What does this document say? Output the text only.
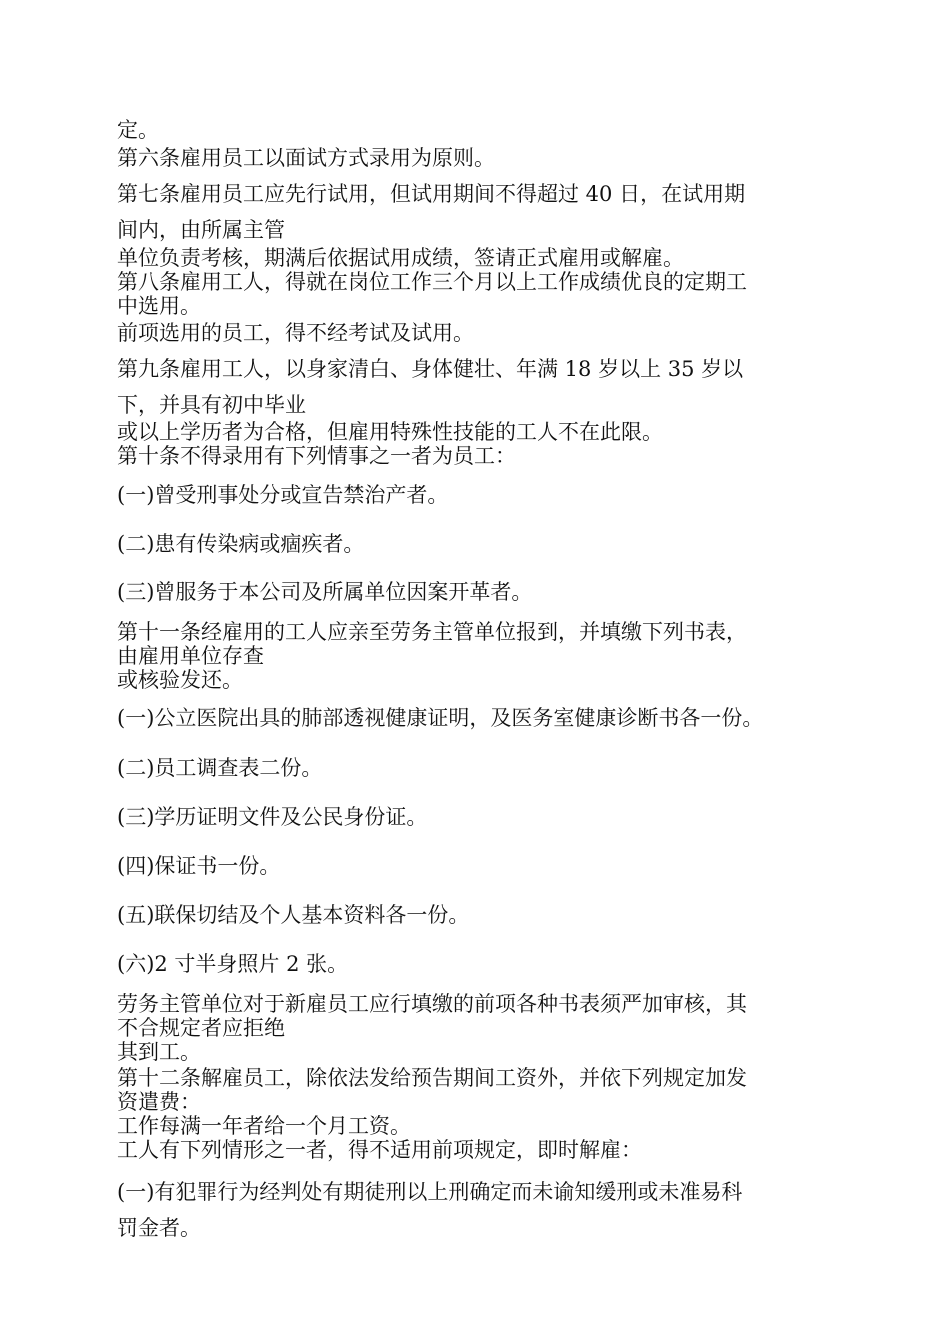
定。

第六条雇用员工以面试方式录用为原则。

第七条雇用员工应先行试用，但试用期间不得超过 40 日，在试用期

间内，由所属主管

单位负责考核，期满后依据试用成绩，签请正式雇用或解雇。

第八条雇用工人，得就在岗位工作三个月以上工作成绩优良的定期工

中选用。

前项选用的员工，得不经考试及试用。

第九条雇用工人，以身家清白、身体健壮、年满 18 岁以上 35 岁以

下，并具有初中毕业

或以上学历者为合格，但雇用特殊性技能的工人不在此限。

第十条不得录用有下列情事之一者为员工：

(一)曾受刑事处分或宣告禁治产者。

(二)患有传染病或痼疾者。

(三)曾服务于本公司及所属单位因案开革者。

第十一条经雇用的工人应亲至劳务主管单位报到，并填缴下列书表，

由雇用单位存查

或核验发还。

(一)公立医院出具的肺部透视健康证明，及医务室健康诊断书各一份。

(二)员工调查表二份。

(三)学历证明文件及公民身份证。

(四)保证书一份。

(五)联保切结及个人基本资料各一份。

(六)2 寸半身照片 2 张。

劳务主管单位对于新雇员工应行填缴的前项各种书表须严加审核，其

不合规定者应拒绝

其到工。

第十二条解雇员工，除依法发给预告期间工资外，并依下列规定加发

资遣费：

工作每满一年者给一个月工资。

工人有下列情形之一者，得不适用前项规定，即时解雇：

(一)有犯罪行为经判处有期徒刑以上刑确定而未谕知缓刑或未准易科

罚金者。
